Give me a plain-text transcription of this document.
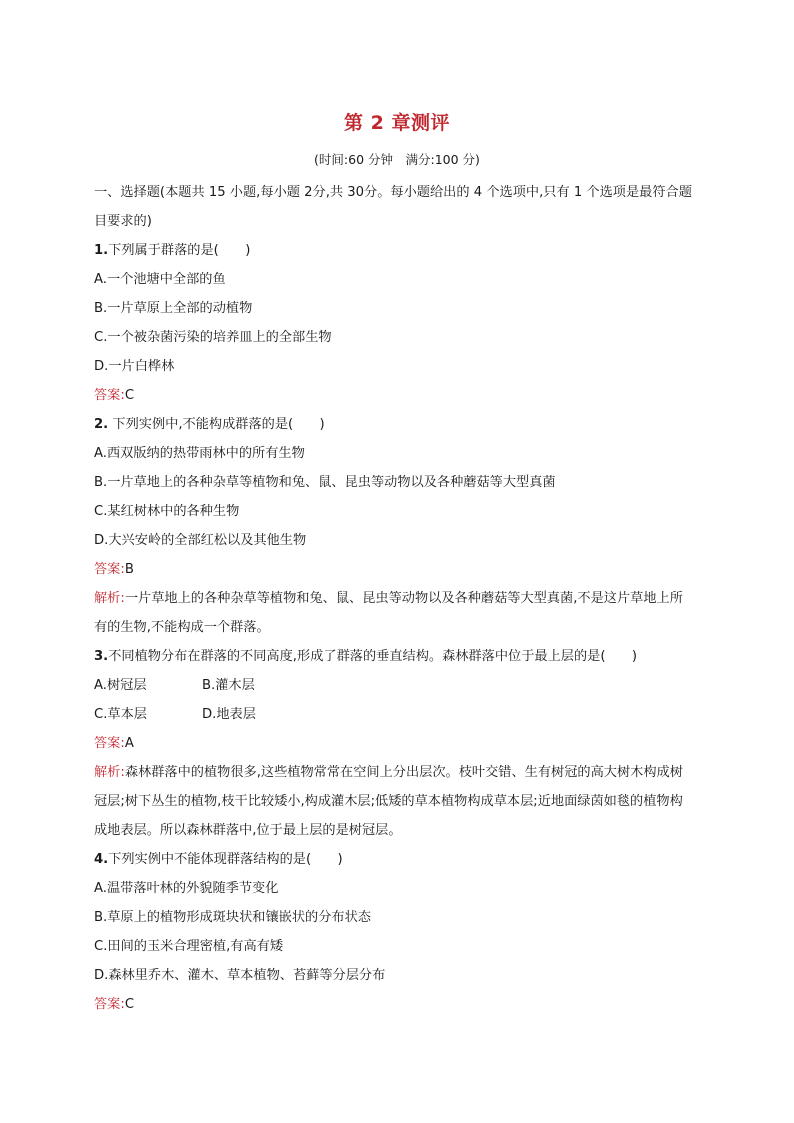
第 2 章测评
(时间:60 分钟　满分:100 分)
一、选择题(本题共 15 小题,每小题 2分,共 30分。每小题给出的 4 个选项中,只有 1 个选项是最符合题目要求的)
1.下列属于群落的是(　　)
A.一个池塘中全部的鱼
B.一片草原上全部的动植物
C.一个被杂菌污染的培养皿上的全部生物
D.一片白桦林
答案:C
2. 下列实例中,不能构成群落的是(　　)
A.西双版纳的热带雨林中的所有生物
B.一片草地上的各种杂草等植物和兔、鼠、昆虫等动物以及各种蘑菇等大型真菌
C.某红树林中的各种生物
D.大兴安岭的全部红松以及其他生物
答案:B
解析:一片草地上的各种杂草等植物和兔、鼠、昆虫等动物以及各种蘑菇等大型真菌,不是这片草地上所有的生物,不能构成一个群落。
3.不同植物分布在群落的不同高度,形成了群落的垂直结构。森林群落中位于最上层的是(　　)
A.树冠层	B.灌木层
C.草本层	D.地表层
答案:A
解析:森林群落中的植物很多,这些植物常常在空间上分出层次。枝叶交错、生有树冠的高大树木构成树冠层;树下丛生的植物,枝干比较矮小,构成灌木层;低矮的草本植物构成草本层;近地面绿茵如毯的植物构成地表层。所以森林群落中,位于最上层的是树冠层。
4.下列实例中不能体现群落结构的是(　　)
A.温带落叶林的外貌随季节变化
B.草原上的植物形成斑块状和镶嵌状的分布状态
C.田间的玉米合理密植,有高有矮
D.森林里乔木、灌木、草本植物、苔藓等分层分布
答案:C
